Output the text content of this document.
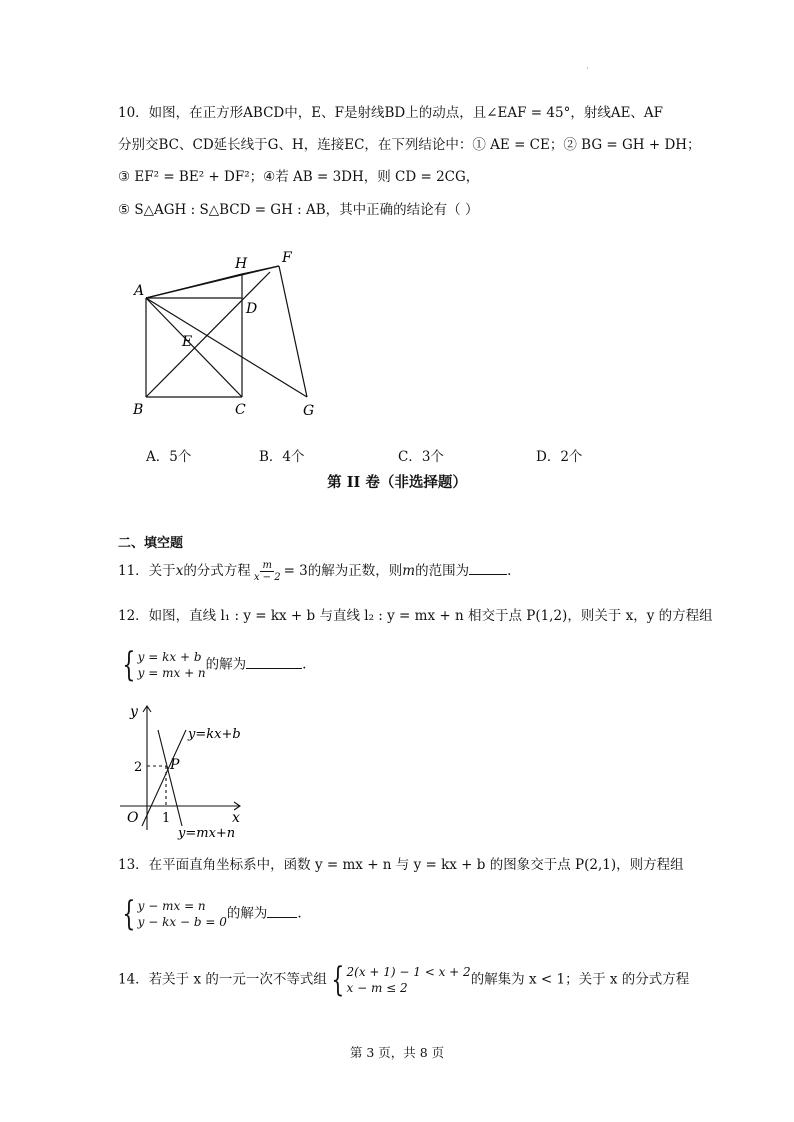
·
10．如图，在正方形ABCD中，E、F是射线BD上的动点，且∠EAF = 45°，射线AE、AF
分别交BC、CD延长线于G、H，连接EC，在下列结论中：① AE = CE；② BG = GH + DH；
③ EF² = BE² + DF²；④若 AB = 3DH，则 CD = 2CG，
⑤ S△AGH : S△BCD = GH : AB，其中正确的结论有（ ）
A
B	C
D
E
F
G
H
A．5个	B．4个	C．3个	D．2个
第 II 卷（非选择题）
二、填空题
11．关于x的分式方程 $\frac{m}{x - 2} = 3$的解为正数，则m的范围为	.
12．如图，直线 l₁ : y = kx + b 与直线 l₂ : y = mx + n 相交于点 P(1,2)，则关于 x，y 的方程组
{ y = kx + b
y = mx + n
的解为	.
y
x
O 1
2 P
y=kx+b
y=mx+n
13．在平面直角坐标系中，函数 y = mx + n 与 y = kx + b 的图象交于点 P(2,1)，则方程组
{ y − mx = n
y − kx − b = 0
的解为 .
14．若关于 x 的一元一次不等式组 { 2(x + 1) − 1 < x + 2
x − m ≤ 2
的解集为 x < 1；关于 x 的分式方程
第 3 页，共 8 页
